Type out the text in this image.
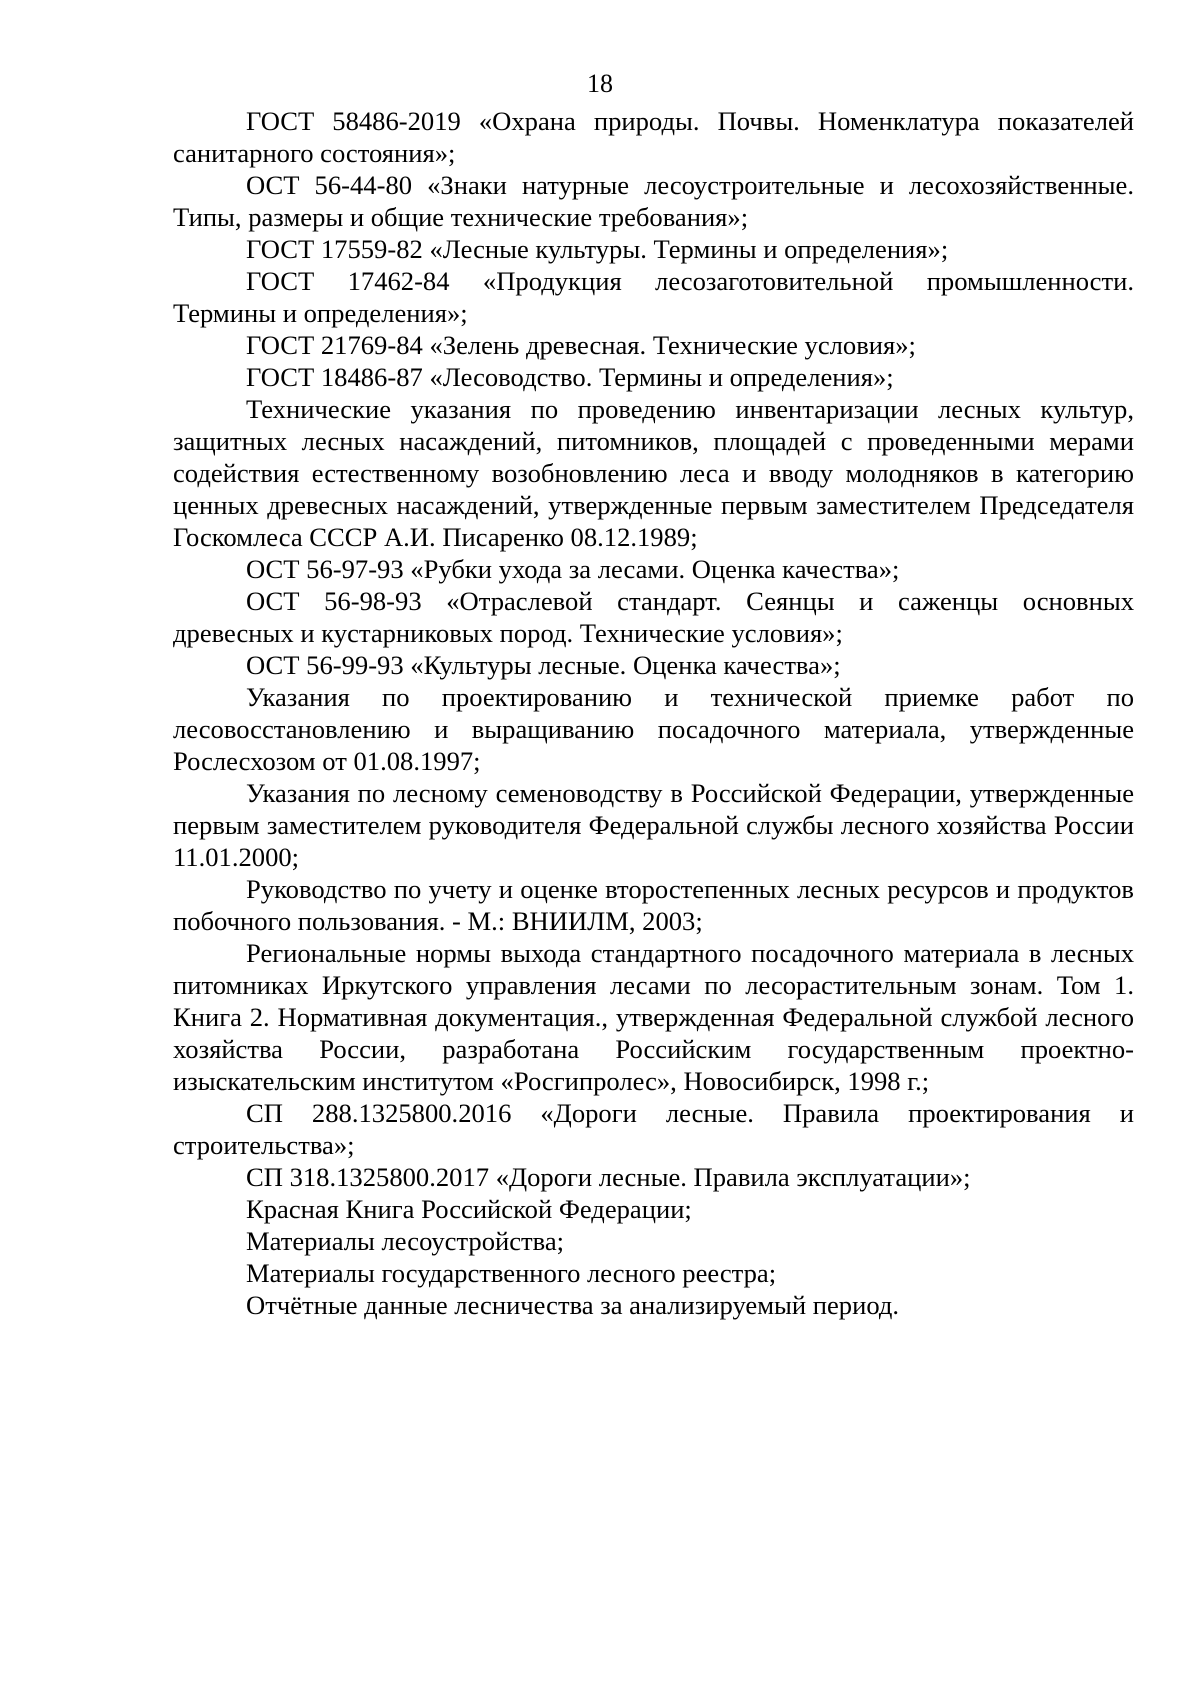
18

ГОСТ 58486-2019 «Охрана природы. Почвы. Номенклатура показателей санитарного состояния»;

ОСТ 56-44-80 «Знаки натурные лесоустроительные и лесохозяйственные. Типы, размеры и общие технические требования»;

ГОСТ 17559-82 «Лесные культуры. Термины и определения»;

ГОСТ 17462-84 «Продукция лесозаготовительной промышленности. Термины и определения»;

ГОСТ 21769-84 «Зелень древесная. Технические условия»;

ГОСТ 18486-87 «Лесоводство. Термины и определения»;

Технические указания по проведению инвентаризации лесных культур, защитных лесных насаждений, питомников, площадей с проведенными мерами содействия естественному возобновлению леса и вводу молодняков в категорию ценных древесных насаждений, утвержденные первым заместителем Председателя Госкомлеса СССР А.И. Писаренко 08.12.1989;

ОСТ 56-97-93 «Рубки ухода за лесами. Оценка качества»;

ОСТ 56-98-93 «Отраслевой стандарт. Сеянцы и саженцы основных древесных и кустарниковых пород. Технические условия»;

ОСТ 56-99-93 «Культуры лесные. Оценка качества»;

Указания по проектированию и технической приемке работ по лесовосстановлению и выращиванию посадочного материала, утвержденные Рослесхозом от 01.08.1997;

Указания по лесному семеноводству в Российской Федерации, утвержденные первым заместителем руководителя Федеральной службы лесного хозяйства России 11.01.2000;

Руководство по учету и оценке второстепенных лесных ресурсов и продуктов побочного пользования. - М.: ВНИИЛМ, 2003;

Региональные нормы выхода стандартного посадочного материала в лесных питомниках Иркутского управления лесами по лесорастительным зонам. Том 1. Книга 2. Нормативная документация., утвержденная Федеральной службой лесного хозяйства России, разработана Российским государственным проектно-изыскательским институтом «Росгипролес», Новосибирск, 1998 г.;

СП 288.1325800.2016 «Дороги лесные. Правила проектирования и строительства»;

СП 318.1325800.2017 «Дороги лесные. Правила эксплуатации»;

Красная Книга Российской Федерации;

Материалы лесоустройства;

Материалы государственного лесного реестра;

Отчётные данные лесничества за анализируемый период.
